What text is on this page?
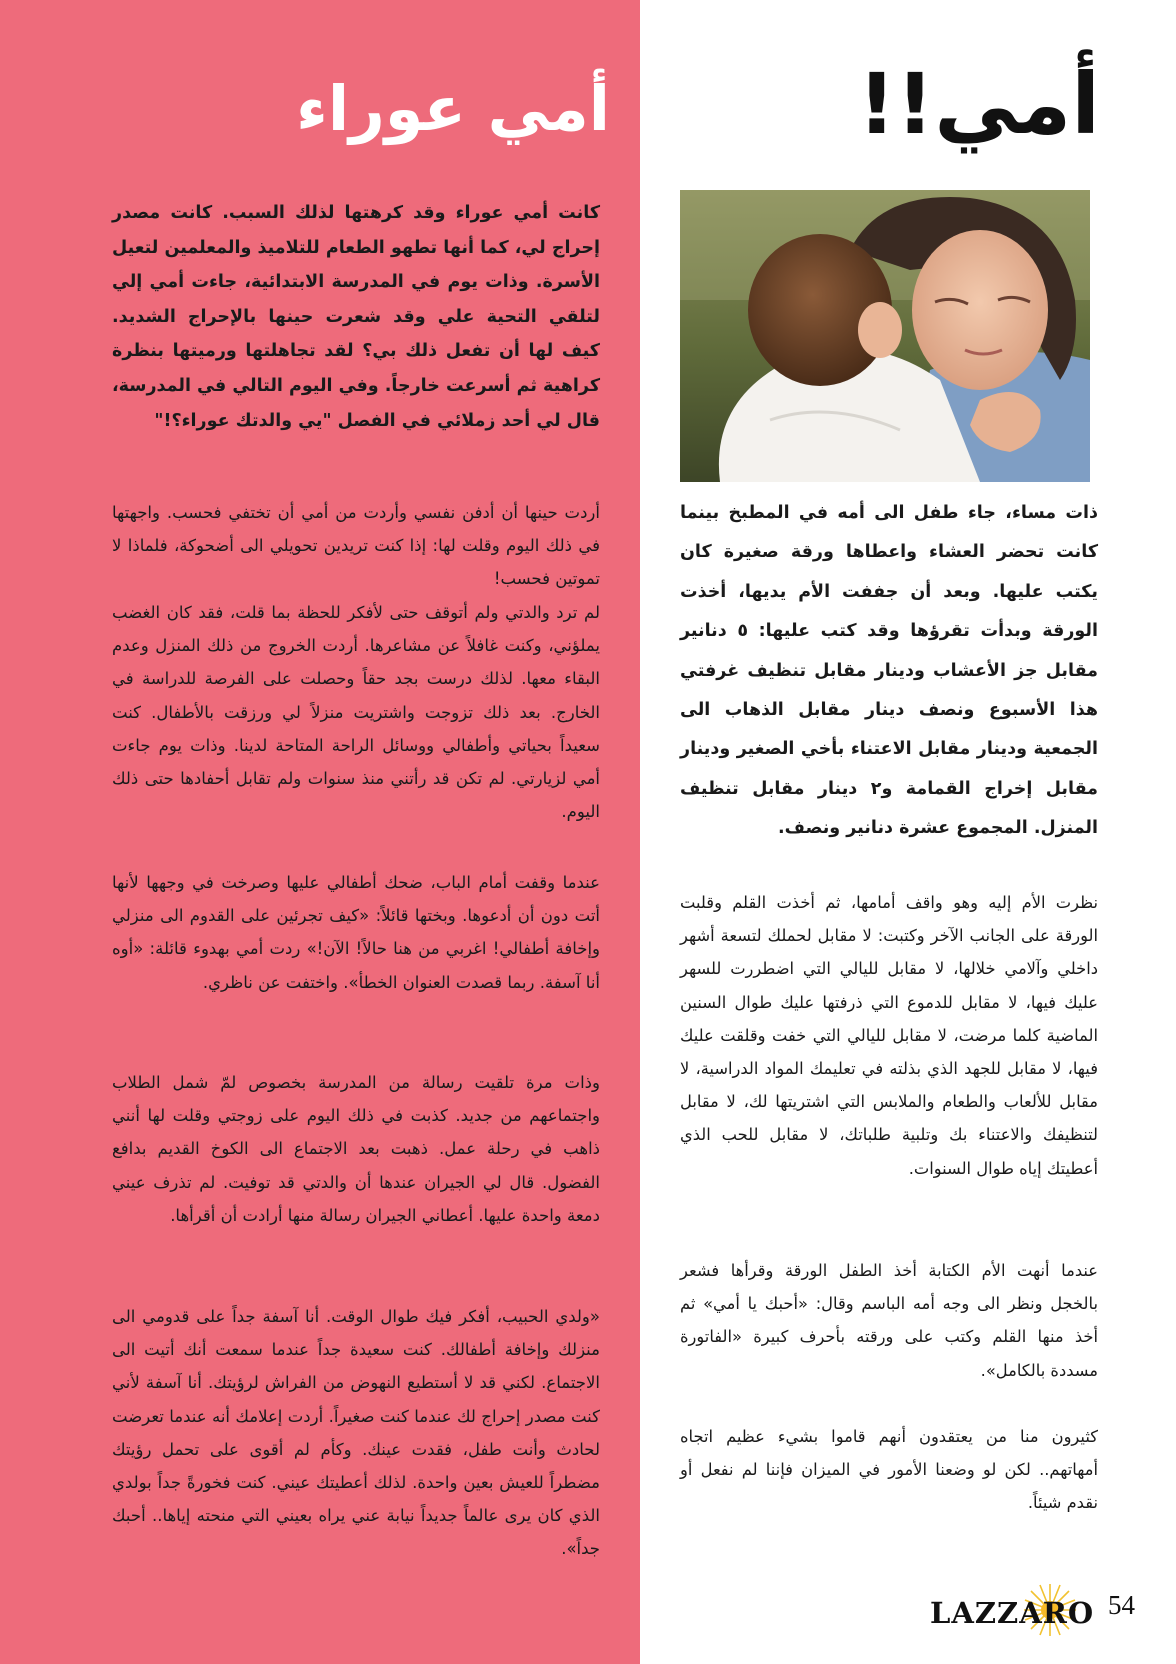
أمي عوراء

كانت أمي عوراء وقد كرهتها لذلك السبب. كانت مصدر إحراج لي، كما أنها تطهو الطعام للتلاميذ والمعلمين لتعيل الأسرة. وذات يوم في المدرسة الابتدائية، جاءت أمي إلي لتلقي التحية علي وقد شعرت حينها بالإحراج الشديد. كيف لها أن تفعل ذلك بي؟ لقد تجاهلتها ورميتها بنظرة كراهية ثم أسرعت خارجاً. وفي اليوم التالي في المدرسة، قال لي أحد زملائي في الفصل "يي والدتك عوراء؟!"

أردت حينها أن أدفن نفسي وأردت من أمي أن تختفي فحسب. واجهتها في ذلك اليوم وقلت لها: إذا كنت تريدين تحويلي الى أضحوكة، فلماذا لا تموتين فحسب!

لم ترد والدتي ولم أتوقف حتى لأفكر للحظة بما قلت، فقد كان الغضب يملؤني، وكنت غافلاً عن مشاعرها. أردت الخروج من ذلك المنزل وعدم البقاء معها. لذلك درست بجد حقاً وحصلت على الفرصة للدراسة في الخارج. بعد ذلك تزوجت واشتريت منزلاً لي ورزقت بالأطفال. كنت سعيداً بحياتي وأطفالي ووسائل الراحة المتاحة لدينا. وذات يوم جاءت أمي لزيارتي. لم تكن قد رأتني منذ سنوات ولم تقابل أحفادها حتى ذلك اليوم.

عندما وقفت أمام الباب، ضحك أطفالي عليها وصرخت في وجهها لأنها أتت دون أن أدعوها. وبختها قائلاً: «كيف تجرئين على القدوم الى منزلي وإخافة أطفالي! اغربي من هنا حالاً! الآن!» ردت أمي بهدوء قائلة: «أوه أنا آسفة. ربما قصدت العنوان الخطأ». واختفت عن ناظري.

وذات مرة تلقيت رسالة من المدرسة بخصوص لمّ شمل الطلاب واجتماعهم من جديد. كذبت في ذلك اليوم على زوجتي وقلت لها أنني ذاهب في رحلة عمل. ذهبت بعد الاجتماع الى الكوخ القديم بدافع الفضول. قال لي الجيران عندها أن والدتي قد توفيت. لم تذرف عيني دمعة واحدة عليها. أعطاني الجيران رسالة منها أرادت أن أقرأها.

«ولدي الحبيب، أفكر فيك طوال الوقت. أنا آسفة جداً على قدومي الى منزلك وإخافة أطفالك. كنت سعيدة جداً عندما سمعت أنك أتيت الى الاجتماع. لكني قد لا أستطيع النهوض من الفراش لرؤيتك. أنا آسفة لأني كنت مصدر إحراج لك عندما كنت صغيراً. أردت إعلامك أنه عندما تعرضت لحادث وأنت طفل، فقدت عينك. وكأم لم أقوى على تحمل رؤيتك مضطراً للعيش بعين واحدة. لذلك أعطيتك عيني. كنت فخورةً جداً بولدي الذي كان يرى عالماً جديداً نيابة عني يراه بعيني التي منحته إياها.. أحبك جداً».

أمي!!

ذات مساء، جاء طفل الى أمه في المطبخ بينما كانت تحضر العشاء واعطاها ورقة صغيرة كان يكتب عليها. وبعد أن جففت الأم يديها، أخذت الورقة وبدأت تقرؤها وقد كتب عليها: ٥ دنانير مقابل جز الأعشاب ودينار مقابل تنظيف غرفتي هذا الأسبوع ونصف دينار مقابل الذهاب الى الجمعية ودينار مقابل الاعتناء بأخي الصغير ودينار مقابل إخراج القمامة و٢ دينار مقابل تنظيف المنزل. المجموع عشرة دنانير ونصف.

نظرت الأم إليه وهو واقف أمامها، ثم أخذت القلم وقلبت الورقة على الجانب الآخر وكتبت: لا مقابل لحملك لتسعة أشهر داخلي وآلامي خلالها، لا مقابل لليالي التي اضطررت للسهر عليك فيها، لا مقابل للدموع التي ذرفتها عليك طوال السنين الماضية كلما مرضت، لا مقابل لليالي التي خفت وقلقت عليك فيها، لا مقابل للجهد الذي بذلته في تعليمك المواد الدراسية، لا مقابل للألعاب والطعام والملابس التي اشتريتها لك، لا مقابل لتنظيفك والاعتناء بك وتلبية طلباتك، لا مقابل للحب الذي أعطيتك إياه طوال السنوات.

عندما أنهت الأم الكتابة أخذ الطفل الورقة وقرأها فشعر بالخجل ونظر الى وجه أمه الباسم وقال: «أحبك يا أمي» ثم أخذ منها القلم وكتب على ورقته بأحرف كبيرة «الفاتورة مسددة بالكامل».

كثيرون منا من يعتقدون أنهم قاموا بشيء عظيم اتجاه أمهاتهم.. لكن لو وضعنا الأمور في الميزان فإننا لم نفعل أو نقدم شيئاً.

LAZZARO 54
